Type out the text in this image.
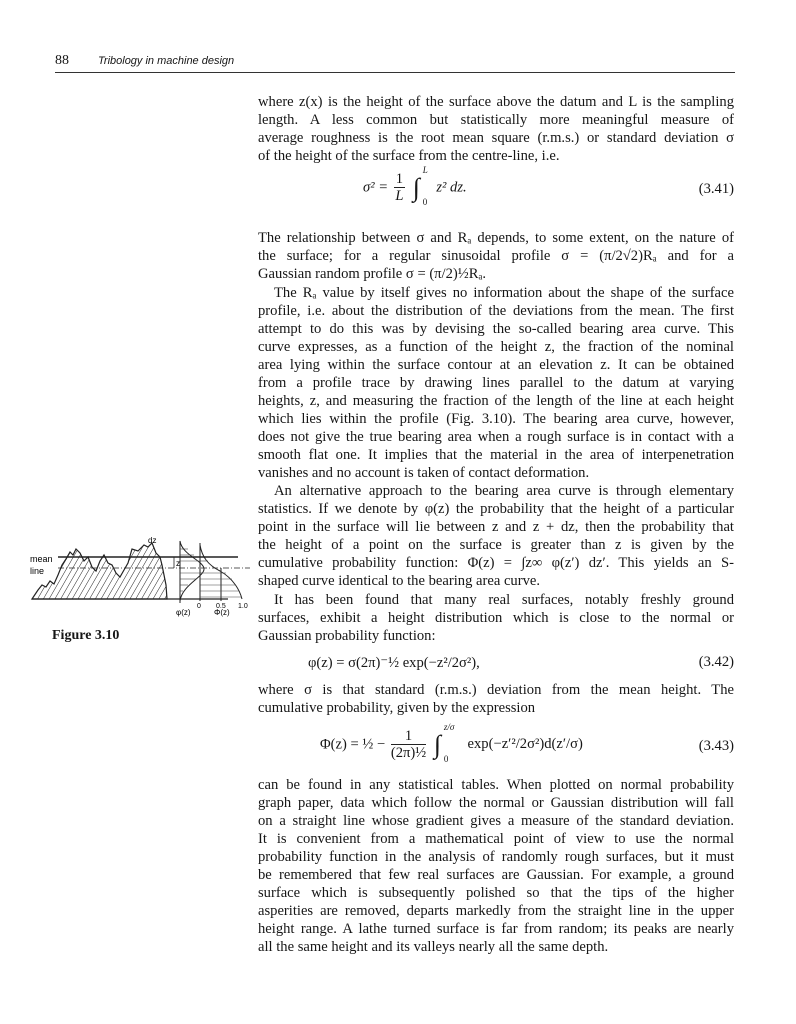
88	Tribology in machine design
where z(x) is the height of the surface above the datum and L is the sampling
length. A less common but statistically more meaningful measure of
average roughness is the root mean square (r.m.s.) or standard deviation σ
of the height of the surface from the centre-line, i.e.
$\sigma^2 = \frac{1}{L}$ ∫
L
0
z² dz.	(3.41)
The relationship between σ and Rₐ depends, to some extent, on the nature of
the surface; for a regular sinusoidal profile σ = (π/2√2)Rₐ and for a
Gaussian random profile σ = (π/2)½Rₐ.
The Rₐ value by itself gives no information about the shape of the surface
profile, i.e. about the distribution of the deviations from the mean. The first
attempt to do this was by devising the so-called bearing area curve. This
curve expresses, as a function of the height z, the fraction of the nominal
area lying within the surface contour at an elevation z. It can be obtained
from a profile trace by drawing lines parallel to the datum at varying
heights, z, and measuring the fraction of the length of the line at each height
which lies within the profile (Fig. 3.10). The bearing area curve, however,
does not give the true bearing area when a rough surface is in contact with a
smooth flat one. It implies that the material in the area of interpenetration
vanishes and no account is taken of contact deformation.
An alternative approach to the bearing area curve is through elementary
statistics. If we denote by φ(z) the probability that the height of a particular
point in the surface will lie between z and z + dz, then the probability that
the height of a point on the surface is greater than z is given by the
cumulative probability function: Φ(z) = ∫z∞ φ(z′) dz′. This yields an S-
shaped curve identical to the bearing area curve.
It has been found that many real surfaces, notably freshly ground
surfaces, exhibit a height distribution which is close to the normal or
Gaussian probability function:
φ(z) = σ(2π)⁻½ exp(−z²/2σ²),	(3.42)
where σ is that standard (r.m.s.) deviation from the mean height. The
cumulative probability, given by the expression
Φ(z) = ½ − $\frac{1}{\text{(2π)½}}$ ∫
z/σ
0
exp(−z′²/2σ²)d(z′/σ)	(3.43)
can be found in any statistical tables. When plotted on normal probability
graph paper, data which follow the normal or Gaussian distribution will fall
on a straight line whose gradient gives a measure of the standard deviation.
It is convenient from a mathematical point of view to use the normal
probability function in the analysis of randomly rough surfaces, but it must
be remembered that few real surfaces are Gaussian. For example, a ground
surface which is subsequently polished so that the tips of the higher
asperities are removed, departs markedly from the straight line in the upper
height range. A lathe turned surface is far from random; its peaks are nearly
all the same height and its valleys nearly all the same depth.
mean
line
dz
z
φ(z)	Φ(z)
0 0.5 1.0
Figure 3.10
